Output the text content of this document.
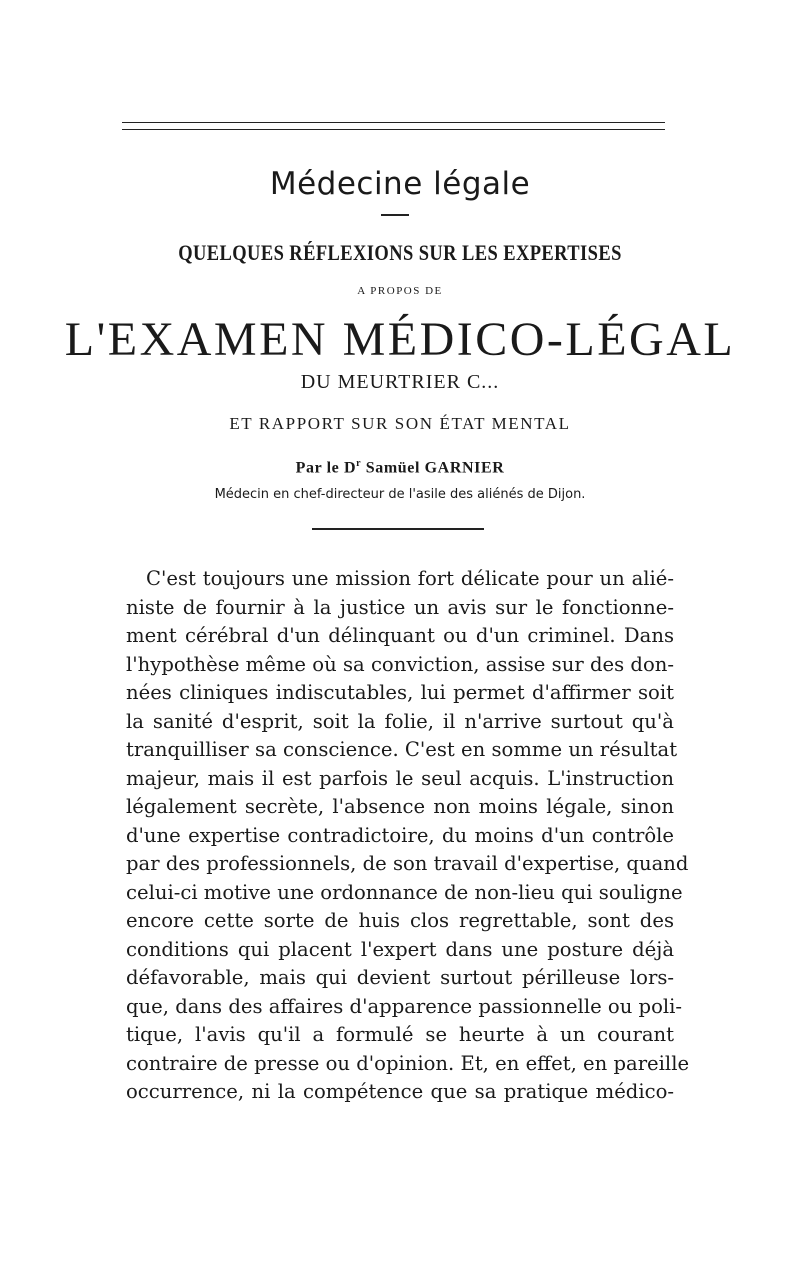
Médecine légale
QUELQUES RÉFLEXIONS SUR LES EXPERTISES
A PROPOS DE
L'EXAMEN MÉDICO-LÉGAL
DU MEURTRIER C...
ET RAPPORT SUR SON ÉTAT MENTAL
Par le $D^r$ Samüel GARNIER
Médecin en chef-directeur de l'asile des aliénés de Dijon.
C'est toujours une mission fort délicate pour un alié-
niste de fournir à la justice un avis sur le fonctionne-
ment cérébral d'un délinquant ou d'un criminel. Dans
l'hypothèse même où sa conviction, assise sur des don-
nées cliniques indiscutables, lui permet d'affirmer soit
la sanité d'esprit, soit la folie, il n'arrive surtout qu'à
tranquilliser sa conscience. C'est en somme un résultat
majeur, mais il est parfois le seul acquis. L'instruction
légalement secrète, l'absence non moins légale, sinon
d'une expertise contradictoire, du moins d'un contrôle
par des professionnels, de son travail d'expertise, quand
celui-ci motive une ordonnance de non-lieu qui souligne
encore cette sorte de huis clos regrettable, sont des
conditions qui placent l'expert dans une posture déjà
défavorable, mais qui devient surtout périlleuse lors-
que, dans des affaires d'apparence passionnelle ou poli-
tique, l'avis qu'il a formulé se heurte à un courant
contraire de presse ou d'opinion. Et, en effet, en pareille
occurrence, ni la compétence que sa pratique médico-
